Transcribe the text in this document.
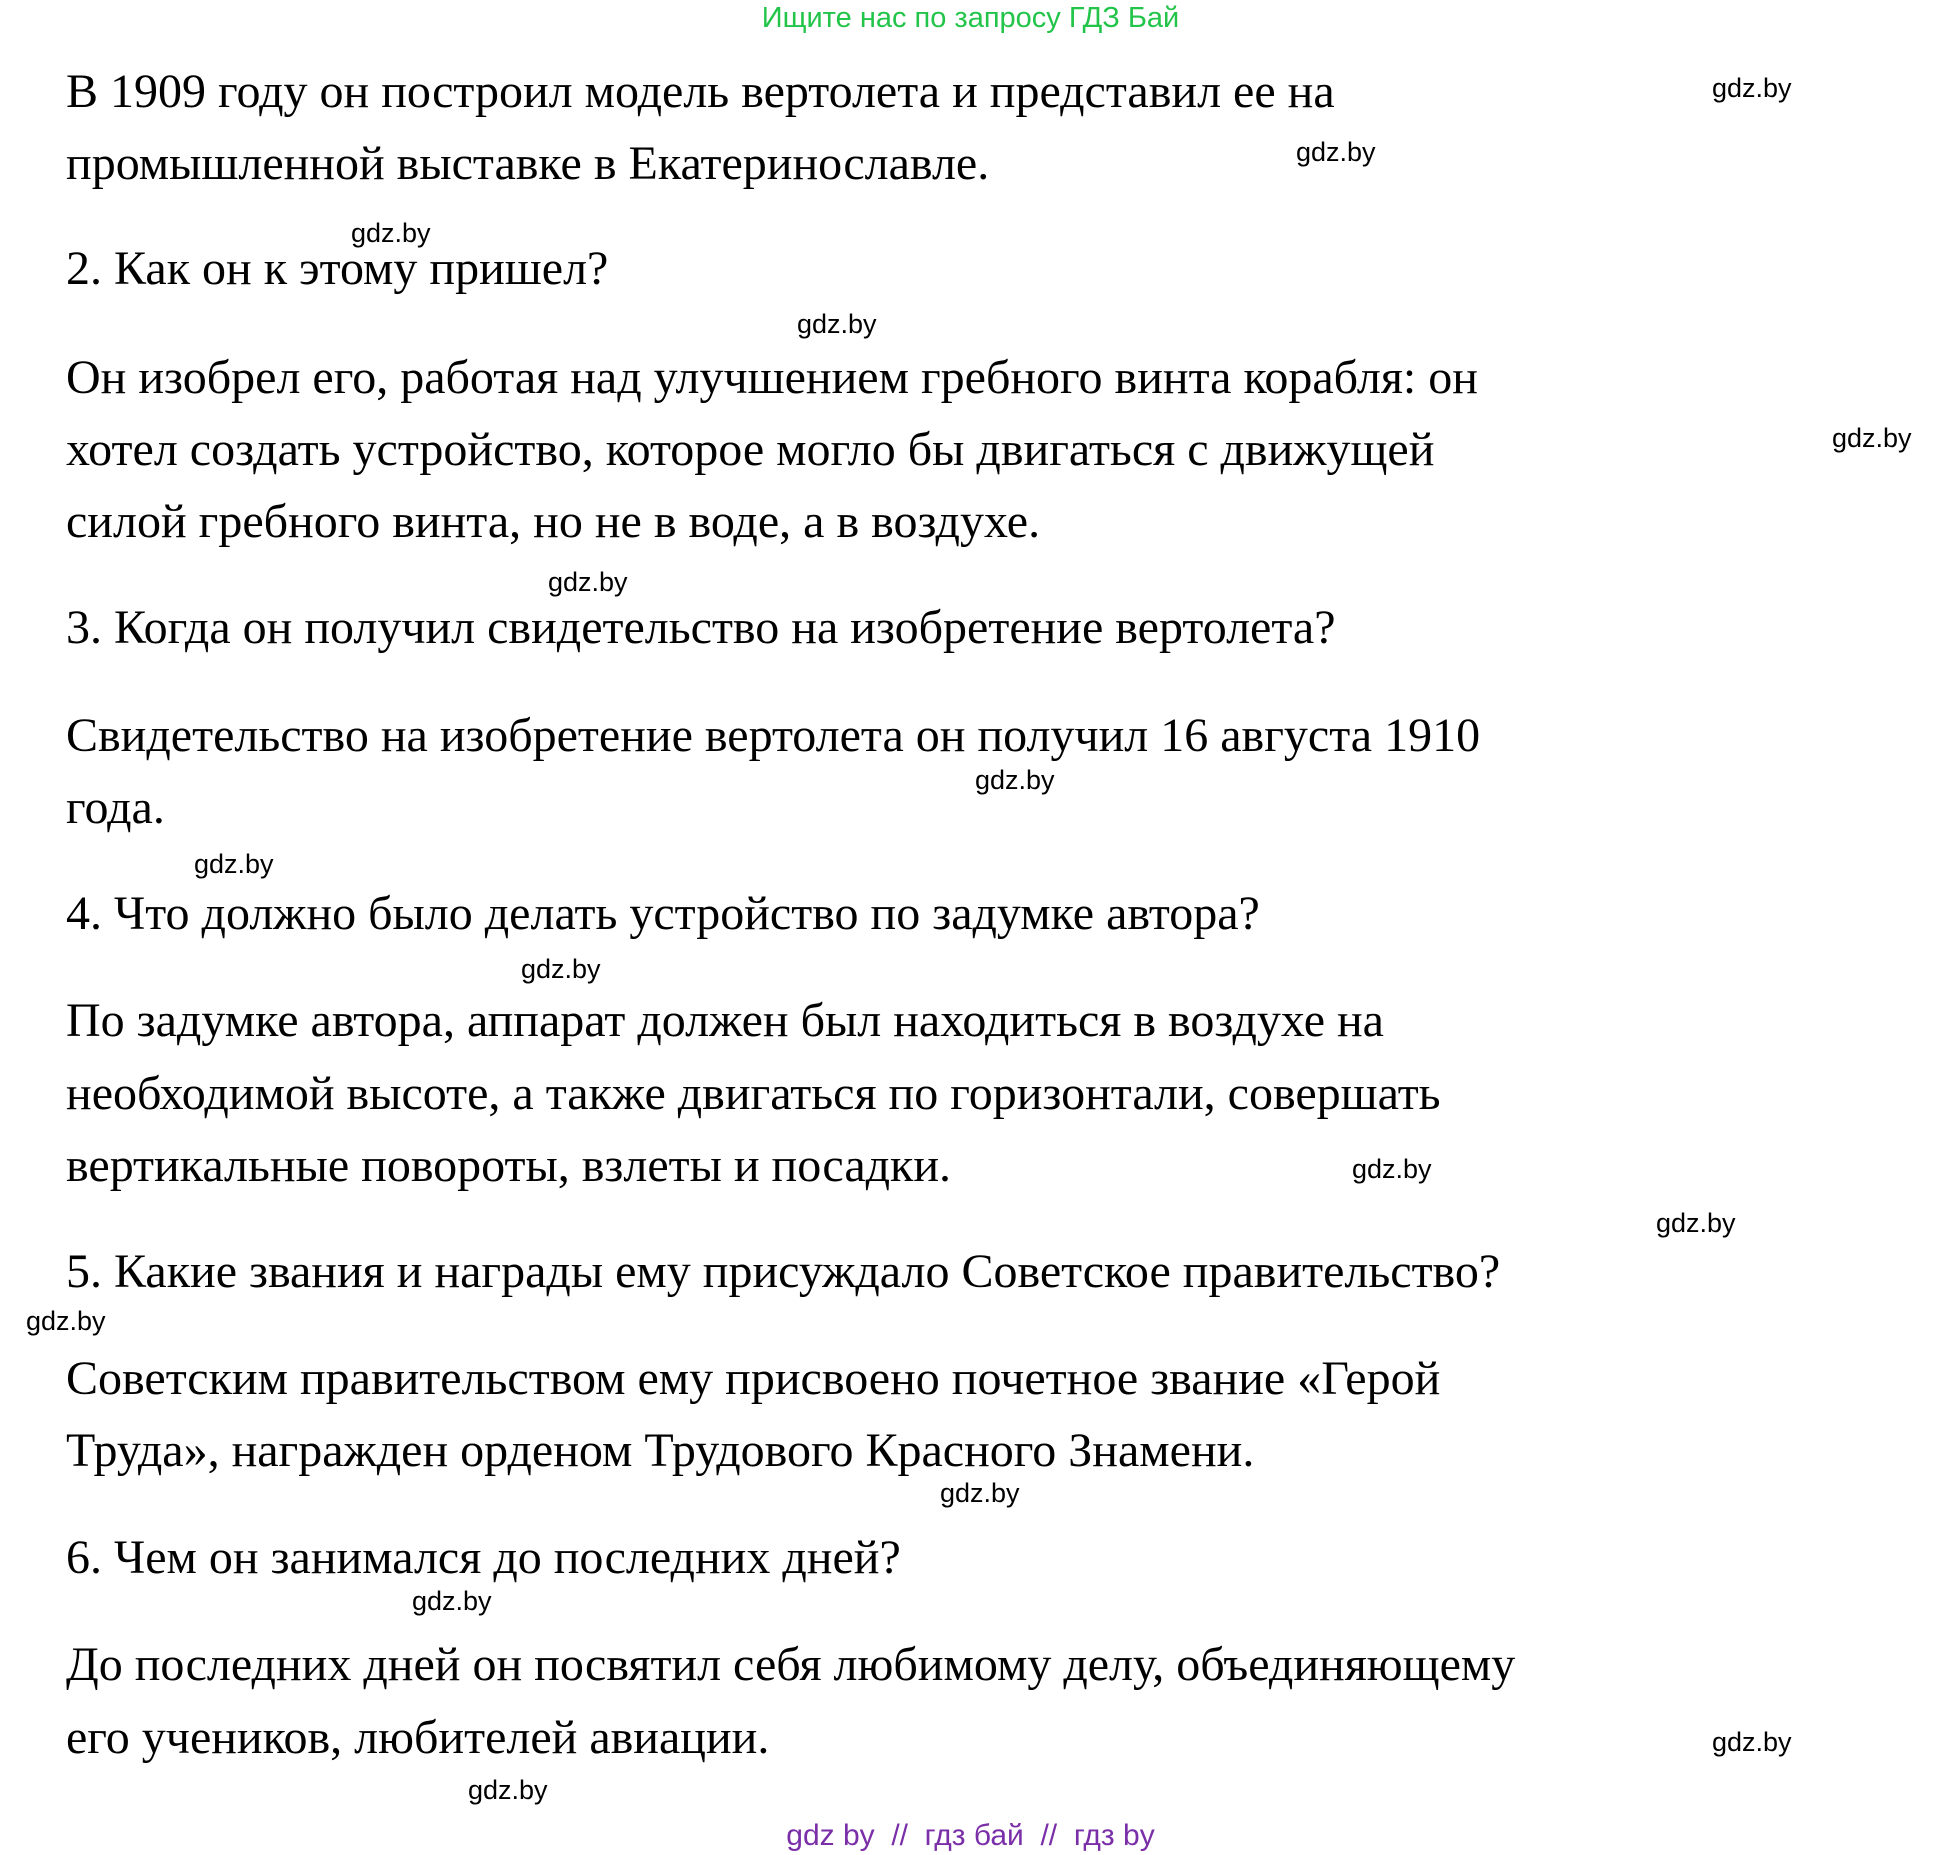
Ищите нас по запросу ГДЗ Бай
В 1909 году он построил модель вертолета и представил ее на
промышленной выставке в Екатеринославле.
2. Как он к этому пришел?
Он изобрел его, работая над улучшением гребного винта корабля: он
хотел создать устройство, которое могло бы двигаться с движущей
силой гребного винта, но не в воде, а в воздухе.
3. Когда он получил свидетельство на изобретение вертолета?
Свидетельство на изобретение вертолета он получил 16 августа 1910
года.
4. Что должно было делать устройство по задумке автора?
По задумке автора, аппарат должен был находиться в воздухе на
необходимой высоте, а также двигаться по горизонтали, совершать
вертикальные повороты, взлеты и посадки.
5. Какие звания и награды ему присуждало Советское правительство?
Советским правительством ему присвоено почетное звание «Герой
Труда», награжден орденом Трудового Красного Знамени.
6. Чем он занимался до последних дней?
До последних дней он посвятил себя любимому делу, объединяющему
его учеников, любителей авиации.
gdz.by
gdz.by
gdz.by
gdz.by
gdz.by
gdz.by
gdz.by
gdz.by
gdz.by
gdz.by
gdz.by
gdz.by
gdz.by
gdz.by
gdz.by
gdz.by
gdz by  //  гдз бай  //  гдз by
